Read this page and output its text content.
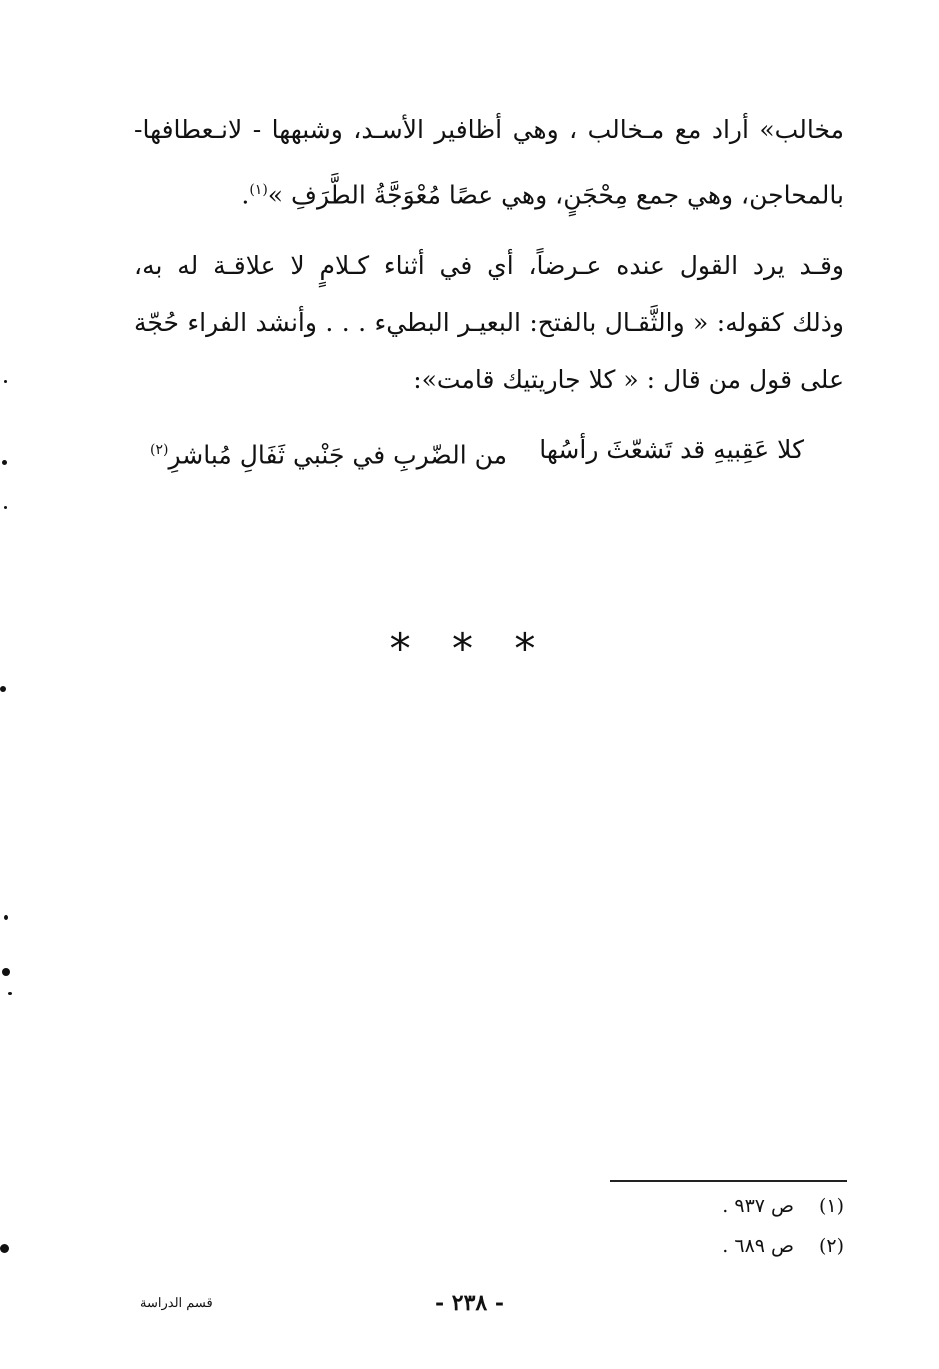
مخالب» أراد مع مـخالب ، وهي أظافير الأسـد، وشبهها - لانـعطافها-
بالمحاجن، وهي جمع مِحْجَنٍ، وهي عصًا مُعْوَجَّةُ الطَّرَفِ »$^{(١)}$.
وقـد يرد القول عنده عـرضاً، أي في أثناء كـلامٍ لا علاقـة له به،
وذلك كقوله: « والثَّقـال بالفتح: البعيـر البطيء . . . وأنشد الفراء حُجّة
على قول من قال : « كلا جاريتيك قامت»:
كلا عَقِبيهِ قد تَشعّثَ رأسُها
من الضّربِ في جَنْبي ثَفَالِ مُباشرِ$^{(٢)}$
* * *
(١)ص ٩٣٧ .
(٢)ص ٦٨٩ .
- ٢٣٨ -
قسم الدراسة
